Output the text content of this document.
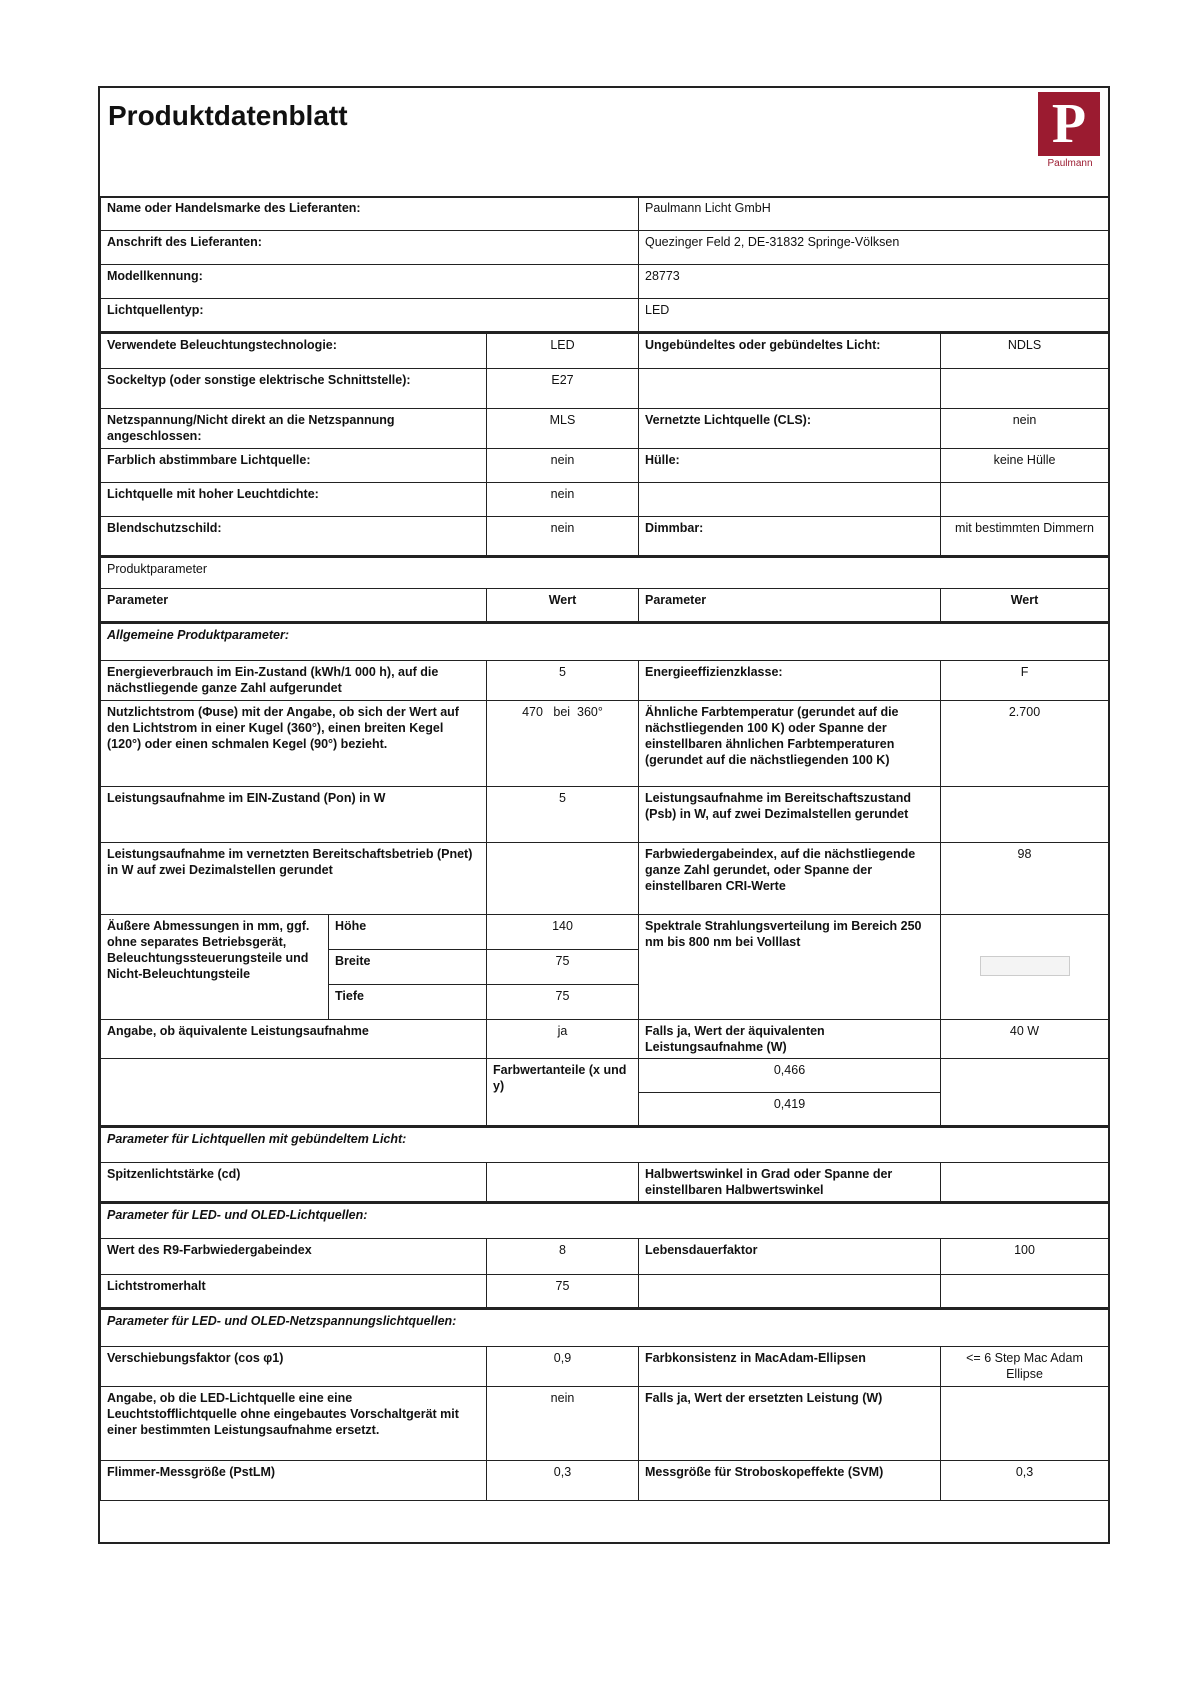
Produktdatenblatt	P
Paulmann
Name oder Handelsmarke des Lieferanten:			Paulmann Licht GmbH	
Anschrift des Lieferanten:			Quezinger Feld 2, DE-31832 Springe-Völksen	
Modellkennung:			28773	
Lichtquellentyp:			LED	
Verwendete Beleuchtungstechnologie:		LED	Ungebündeltes oder gebündeltes Licht:	NDLS
Sockeltyp (oder sonstige elektrische Schnittstelle):		E27		
Netzspannung/Nicht direkt an die Netzspannung angeschlossen:		MLS	Vernetzte Lichtquelle (CLS):	nein
Farblich abstimmbare Lichtquelle:		nein	Hülle:	keine Hülle
Lichtquelle mit hoher Leuchtdichte:		nein		
Blendschutzschild:		nein	Dimmbar:	mit bestimmten Dimmern
Produktparameter				
Parameter		Wert	Parameter	Wert
Allgemeine Produktparameter:				
Energieverbrauch im Ein-Zustand (kWh/1 000 h), auf die nächstliegende ganze Zahl aufgerundet		5	Energieeffizienzklasse:	F
Nutzlichtstrom (Φuse) mit der Angabe, ob sich der Wert auf den Lichtstrom in einer Kugel (360°), einen breiten Kegel (120°) oder einen schmalen Kegel (90°) bezieht.		470 bei 360°	Ähnliche Farbtemperatur (gerundet auf die nächstliegenden 100 K) oder Spanne der einstellbaren ähnlichen Farbtemperaturen (gerundet auf die nächstliegenden 100 K)	2.700
Leistungsaufnahme im EIN-Zustand (Pon) in W		5	Leistungsaufnahme im Bereitschaftszustand (Psb) in W, auf zwei Dezimalstellen gerundet	
Leistungsaufnahme im vernetzten Bereitschaftsbetrieb (Pnet) in W auf zwei Dezimalstellen gerundet			Farbwiedergabeindex, auf die nächstliegende ganze Zahl gerundet, oder Spanne der einstellbaren CRI-Werte	98
Äußere Abmessungen in mm, ggf. ohne separates Betriebsgerät, Beleuchtungssteuerungsteile und Nicht-Beleuchtungsteile	Höhe	140	Spektrale Strahlungsverteilung im Bereich 250 nm bis 800 nm bei Volllast	

	Breite	75		
	Tiefe	75		
Angabe, ob äquivalente Leistungsaufnahme		ja	Falls ja, Wert der äquivalenten Leistungsaufnahme (W)	40 W
		Farbwertanteile (x und y)	0,466	
			0,419	
Parameter für Lichtquellen mit gebündeltem Licht:				
Spitzenlichtstärke (cd)			Halbwertswinkel in Grad oder Spanne der einstellbaren Halbwertswinkel	
Parameter für LED- und OLED-Lichtquellen:				
Wert des R9-Farbwiedergabeindex		8	Lebensdauerfaktor	100
Lichtstromerhalt		75		
Parameter für LED- und OLED-Netzspannungslichtquellen:				
Verschiebungsfaktor (cos φ1)		0,9	Farbkonsistenz in MacAdam-Ellipsen	<= 6 Step Mac Adam Ellipse
Angabe, ob die LED-Lichtquelle eine eine Leuchtstofflichtquelle ohne eingebautes Vorschaltgerät mit einer bestimmten Leistungsaufnahme ersetzt.		nein	Falls ja, Wert der ersetzten Leistung (W)	
Flimmer-Messgröße (PstLM)		0,3	Messgröße für Stroboskopeffekte (SVM)	0,3
